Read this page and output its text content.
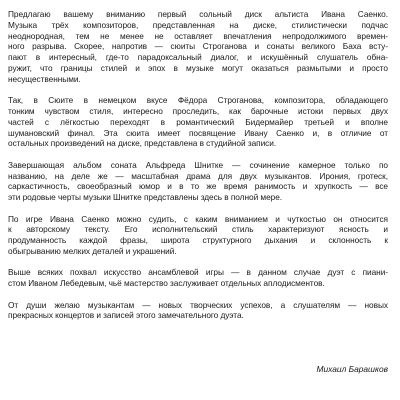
Предлагаю вашему вниманию первый сольный диск альтиста Ивана Саенко.
Музыка трёх композиторов, представленная на диске, стилистически подчас
неоднородная, тем не менее не оставляет впечатления непродолжимого времен-
ного разрыва. Скорее, напротив — сюиты Строганова и сонаты великого Баха всту-
пают в интересный, где-то парадоксальный диалог, и искушённый слушатель обна-
ружит, что границы стилей и эпох в музыке могут оказаться размытыми и просто
несущественными.

Так, в Сюите в немецком вкусе Фёдора Строганова, композитора, обладающего
тонким чувством стиля, интересно проследить, как барочные истоки первых двух
частей с лёгкостью переходят в романтический Бидермайер третьей и вполне
шумановский финал. Эта сюита имеет посвящение Ивану Саенко и, в отличие от
остальных произведений на диске, представлена в студийной записи.

Завершающая альбом соната Альфреда Шнитке — сочинение камерное только по
названию, на деле же — масштабная драма для двух музыкантов. Ирония, гротеск,
саркастичность, своеобразный юмор и в то же время ранимость и хрупкость — все
эти родовые черты музыки Шнитке представлены здесь в полной мере.

По игре Ивана Саенко можно судить, с каким вниманием и чуткостью он относится
к авторскому тексту. Его исполнительский стиль характеризуют ясность и
продуманность каждой фразы, широта структурного дыхания и склонность к
обыгрыванию мелких деталей и украшений.

Выше всяких похвал искусство ансамблевой игры — в данном случае дуэт с пиани-
стом Иваном Лебедевым, чьё мастерство заслуживает отдельных аплодисментов.

От души желаю музыкантам — новых творческих успехов, а слушателям — новых
прекрасных концертов и записей этого замечательного дуэта.

Михаил Барашков
